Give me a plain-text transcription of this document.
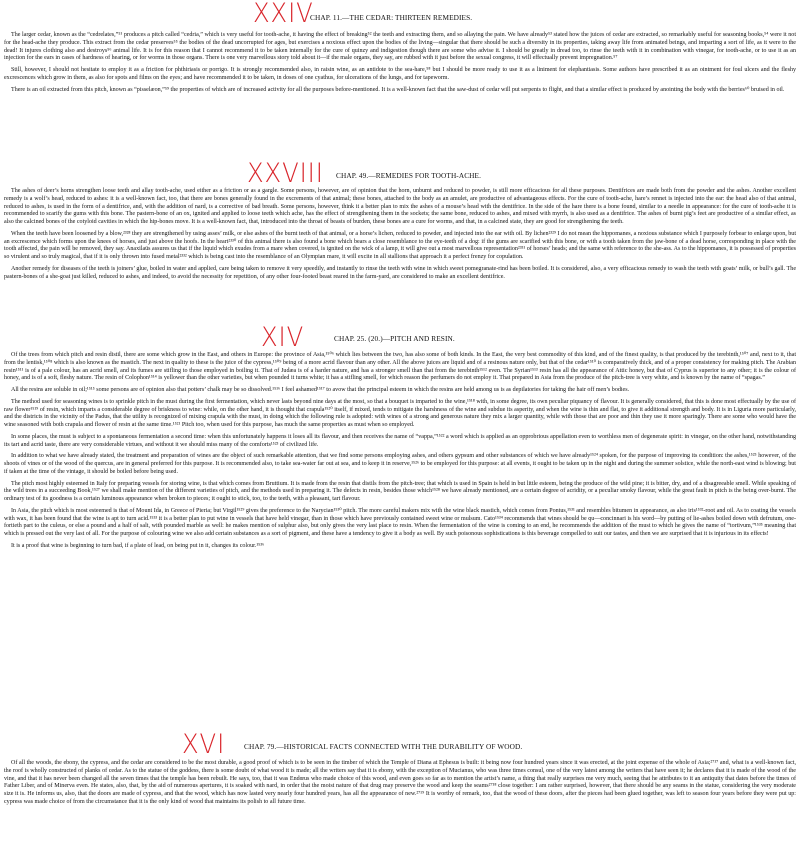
XXIV
CHAP. 11.—THE CEDAR: THIRTEEN REMEDIES.

The larger cedar, known as the “cedrelates,”⁵¹ produces a pitch called “cedria,” which is very useful for tooth-ache, it having the effect of breaking⁵² the teeth and extracting them, and so allaying the pain. We have already⁵³ stated how the juices of cedar are extracted, so remarkably useful for seasoning books,⁵⁴ were it not for the head-ache they produce. This extract from the cedar preserves⁵⁵ the bodies of the dead uncorrupted for ages, but exercises a noxious effect upon the bodies of the living—singular that there should be such a diversity in its properties, taking away life from animated beings, and imparting a sort of life, as it were to the dead! It injures clothing also and destroys⁵⁶ animal life. It is for this reason that I cannot recommend it to be taken internally for the cure of quinzy and indigestion though there are some who advise it. I should be greatly in dread too, to rinse the teeth with it in combination with vinegar, for tooth-ache, or to use it as an injection for the ears in cases of hardness of hearing, or for worms in those organs. There is one very marvellous story told about it—if the male organs, they say, are rubbed with it just before the sexual congress, it will effectually prevent impregnation.⁵⁷

Still, however, I should not hesitate to employ it as a friction for phthiriasis or porrigo. It is strongly recommended also, in raisin wine, as an antidote to the sea-hare,⁵⁸ but I should be more ready to use it as a liniment for elephantiasis. Some authors have prescribed it as an ointment for foul ulcers and the fleshy excrescences which grow in them, as also for spots and films on the eyes; and have recommended it to be taken, in doses of one cyathus, for ulcerations of the lungs, and for tapeworm.

There is an oil extracted from this pitch, known as “pisselæon,”⁵⁹ the properties of which are of increased activity for all the purposes before-mentioned. It is a well-known fact that the saw-dust of cedar will put serpents to flight, and that a similar effect is produced by anointing the body with the berries⁶⁰ bruised in oil.

XXVIII CHAP. 49.—REMEDIES FOR TOOTH-ACHE.

The ashes of deer’s horns strengthen loose teeth and allay tooth-ache, used either as a friction or as a gargle. Some persons, however, are of opinion that the horn, unburnt and reduced to powder, is still more efficacious for all these purposes. Dentifrices are made both from the powder and the ashes. Another excellent remedy is a wolf’s head, reduced to ashes: it is a well-known fact, too, that there are bones generally found in the excrements of that animal; these bones, attached to the body as an amulet, are productive of advantageous effects. For the cure of tooth-ache, hare’s rennet is injected into the ear: the head also of that animal, reduced to ashes, is used in the form of a dentifrice, and, with the addition of nard, is a corrective of bad breath. Some persons, however, think it a better plan to mix the ashes of a mouse’s head with the dentifrice. In the side of the hare there is a bone found, similar to a needle in appearance: for the cure of tooth-ache it is recommended to scarify the gums with this bone. The pastern-bone of an ox, ignited and applied to loose teeth which ache, has the effect of strengthening them in the sockets; the same bone, reduced to ashes, and mixed with myrrh, is also used as a dentifrice. The ashes of burnt pig’s feet are productive of a similar effect, as also the calcined bones of the cotyloid cavities in which the hip-bones move. It is a well-known fact, that, introduced into the throat of beasts of burden, these bones are a cure for worms, and that, in a calcined state, they are good for strengthening the teeth.

When the teeth have been loosened by a blow,²³²⁸ they are strengthened by using asses’ milk, or else ashes of the burnt teeth of that animal, or a horse’s lichen, reduced to powder, and injected into the ear with oil. By lichen²³²⁹ I do not mean the hippomanes, a noxious substance which I purposely forbear to enlarge upon, but an excrescence which forms upon the knees of horses, and just above the hoofs. In the heart²³³⁰ of this animal there is also found a bone which bears a close resemblance to the eye-teeth of a dog: if the gums are scarified with this bone, or with a tooth taken from the jaw-bone of a dead horse, corresponding in place with the tooth affected, the pain will be removed, they say. Anaxilaüs assures us that if the liquid which exudes from a mare when covered, is ignited on the wick of a lamp, it will give out a most marvellous representation²³³¹ of horses’ heads; and the same with reference to the she-ass. As to the hippomanes, it is possessed of properties so virulent and so truly magical, that if it is only thrown into fused metal²³³² which is being cast into the resemblance of an Olympian mare, it will excite in all stallions that approach it a perfect frenzy for copulation.

Another remedy for diseases of the teeth is joiners’ glue, boiled in water and applied, care being taken to remove it very speedily, and instantly to rinse the teeth with wine in which sweet pomegranate-rind has been boiled. It is considered, also, a very efficacious remedy to wash the teeth with goats’ milk, or bull’s gall. The pastern-bones of a she-goat just killed, reduced to ashes, and indeed, to avoid the necessity for repetition, of any other four-footed beast reared in the farm-yard, are considered to make an excellent dentifrice.

XIV	CHAP. 25. (20.)—PITCH AND RESIN.

Of the trees from which pitch and resin distil, there are some which grow in the East, and others in Europe: the province of Asia,¹⁵⁰⁶ which lies between the two, has also some of both kinds. In the East, the very best commodity of this kind, and of the finest quality, is that produced by the terebinth,¹⁵⁰⁷ and, next to it, that from the lentisk,¹⁵⁰⁸ which is also known as the mastich. The next in quality to these is the juice of the cypress,¹⁵⁰⁹ being of a more acrid flavour than any other. All the above juices are liquid and of a resinous nature only, but that of the cedar¹⁵¹⁰ is comparatively thick, and of a proper consistency for making pitch. The Arabian resin¹⁵¹¹ is of a pale colour, has an acrid smell, and its fumes are stifling to those employed in boiling it. That of Judæa is of a harder nature, and has a stronger smell than that from the terebinth¹⁵¹² even. The Syrian¹⁵¹³ resin has all the appearance of Attic honey, but that of Cyprus is superior to any other; it is the colour of honey, and is of a soft, fleshy nature. The resin of Colophon¹⁵¹⁴ is yellower than the other varieties, but when pounded it turns white; it has a stifling smell, for which reason the perfumers do not employ it. That prepared in Asia from the produce of the pitch-tree is very white, and is known by the name of “spagas.”

All the resins are soluble in oil;¹⁵¹⁵ some persons are of opinion also that potters’ chalk may be so dissolved.¹⁵¹⁶ I feel ashamed¹⁵¹⁷ to avow that the principal esteem in which the resins are held among us is as depilatories for taking the hair off men’s bodies.

The method used for seasoning wines is to sprinkle pitch in the must during the first fermentation, which never lasts beyond nine days at the most, so that a bouquet is imparted to the wine,¹⁵¹⁸ with, in some degree, its own peculiar piquancy of flavour. It is generally considered, that this is done most effectually by the use of raw flower¹⁵¹⁹ of resin, which imparts a considerable degree of briskness to wine: while, on the other hand, it is thought that crapula¹⁵²⁰ itself, if mixed, tends to mitigate the harshness of the wine and subdue its asperity, and when the wine is thin and flat, to give it additional strength and body. It is in Liguria more particularly, and the districts in the vicinity of the Padus, that the utility is recognized of mixing crapula with the must, in doing which the following rule is adopted: with wines of a strong and generous nature they mix a larger quantity, while with those that are poor and thin they use it more sparingly. There are some who would have the wine seasoned with both crapula and flower of resin at the same time.¹⁵²¹ Pitch too, when used for this purpose, has much the same properties as must when so employed.

In some places, the must is subject to a spontaneous fermentation a second time: when this unfortunately happens it loses all its flavour, and then receives the name of “vappa,”¹⁵²² a word which is applied as an opprobrious appellation even to worthless men of degenerate spirit: in vinegar, on the other hand, notwithstanding its tart and acrid taste, there are very considerable virtues, and without it we should miss many of the comforts¹⁵²³ of civilized life.

In addition to what we have already stated, the treatment and preparation of wines are the object of such remarkable attention, that we find some persons employing ashes, and others gypsum and other substances of which we have already¹⁵²⁴ spoken, for the purpose of improving its condition: the ashes,¹⁵²⁵ however, of the shoots of vines or of the wood of the quercus, are in general preferred for this purpose. It is recommended also, to take sea-water far out at sea, and to keep it in reserve,¹⁵²⁶ to be employed for this purpose: at all events, it ought to be taken up in the night and during the summer solstice, while the north-east wind is blowing; but if taken at the time of the vintage, it should be boiled before being used.

The pitch most highly esteemed in Italy for preparing vessels for storing wine, is that which comes from Bruttium. It is made from the resin that distils from the pitch-tree; that which is used in Spain is held in but little esteem, being the produce of the wild pine; it is bitter, dry, and of a disagreeable smell. While speaking of the wild trees in a succeeding Book,¹⁵²⁷ we shall make mention of the different varieties of pitch, and the methods used in preparing it. The defects in resin, besides those which¹⁵²⁸ we have already mentioned, are a certain degree of acridity, or a peculiar smoky flavour, while the great fault in pitch is the being over-burnt. The ordinary test of its goodness is a certain luminous appearance when broken to pieces; it ought to stick, too, to the teeth, with a pleasant, tart flavour.

In Asia, the pitch which is most esteemed is that of Mount Ida, in Greece of Pieria; but Virgil¹⁵²⁹ gives the preference to the Narycian¹⁵³⁰ pitch. The more careful makers mix with the wine black mastich, which comes from Pontus,¹⁵³¹ and resembles bitumen in appearance, as also iris¹⁵³²-root and oil. As to coating the vessels with wax, it has been found that the wine is apt to turn acid.¹⁵³³ it is a better plan to put wine in vessels that have held vinegar, than in those which have previously contained sweet wine or mulsum. Cato¹⁵³⁴ recommends that wines should be qu—concinnari is his word—by putting of lie-ashes boiled down with defrutum, one-fortieth part to the culeus, or else a pound and a half of salt, with pounded marble as well: he makes mention of sulphur also, but only gives the very last place to resin. When the fermentation of the wine is coming to an end, he recommends the addition of the must to which he gives the name of “tortivum,”¹⁵³⁵ meaning that which is pressed out the very last of all. For the purpose of colouring wine we also add certain substances as a sort of pigment, and these have a tendency to give it a body as well. By such poisonous sophistications is this beverage compelled to suit our tastes, and then we are surprised that it is injurious in its effects!

It is a proof that wine is beginning to turn bad, if a plate of lead, on being put in it, changes its colour.¹⁵³⁶

XVI	CHAP. 79.—HISTORICAL FACTS CONNECTED WITH THE DURABILITY OF WOOD.

Of all the woods, the ebony, the cypress, and the cedar are considered to be the most durable, a good proof of which is to be seen in the timber of which the Temple of Diana at Ephesus is built: it being now four hundred years since it was erected, at the joint expense of the whole of Asia;²⁷¹⁷ and, what is a well-known fact, the roof is wholly constructed of planks of cedar. As to the statue of the goddess, there is some doubt of what wood it is made; all the writers say that it is ebony, with the exception of Mucianus, who was three times consul, one of the very latest among the writers that have seen it; he declares that it is made of the wood of the vine, and that it has never been changed all the seven times that the temple has been rebuilt. He says, too, that it was Endœus who made choice of this wood, and even goes so far as to mention the artist’s name, a thing that really surprises me very much, seeing that he attributes to it an antiquity that dates before the times of Father Liber, and of Minerva even. He states, also, that, by the aid of numerous apertures, it is soaked with nard, in order that the moist nature of that drug may preserve the wood and keep the seams²⁷¹⁸ close together: I am rather surprised, however, that there should be any seams in the statue, considering the very moderate size it is. He informs us, also, that the doors are made of cypress, and that the wood, which has now lasted very nearly four hundred years, has all the appearance of new.²⁷¹⁹ It is worthy of remark, too, that the wood of these doors, after the pieces had been glued together, was left to season four years before they were put up: cypress was made choice of from the circumstance that it is the only kind of wood that maintains its polish to all future time.
